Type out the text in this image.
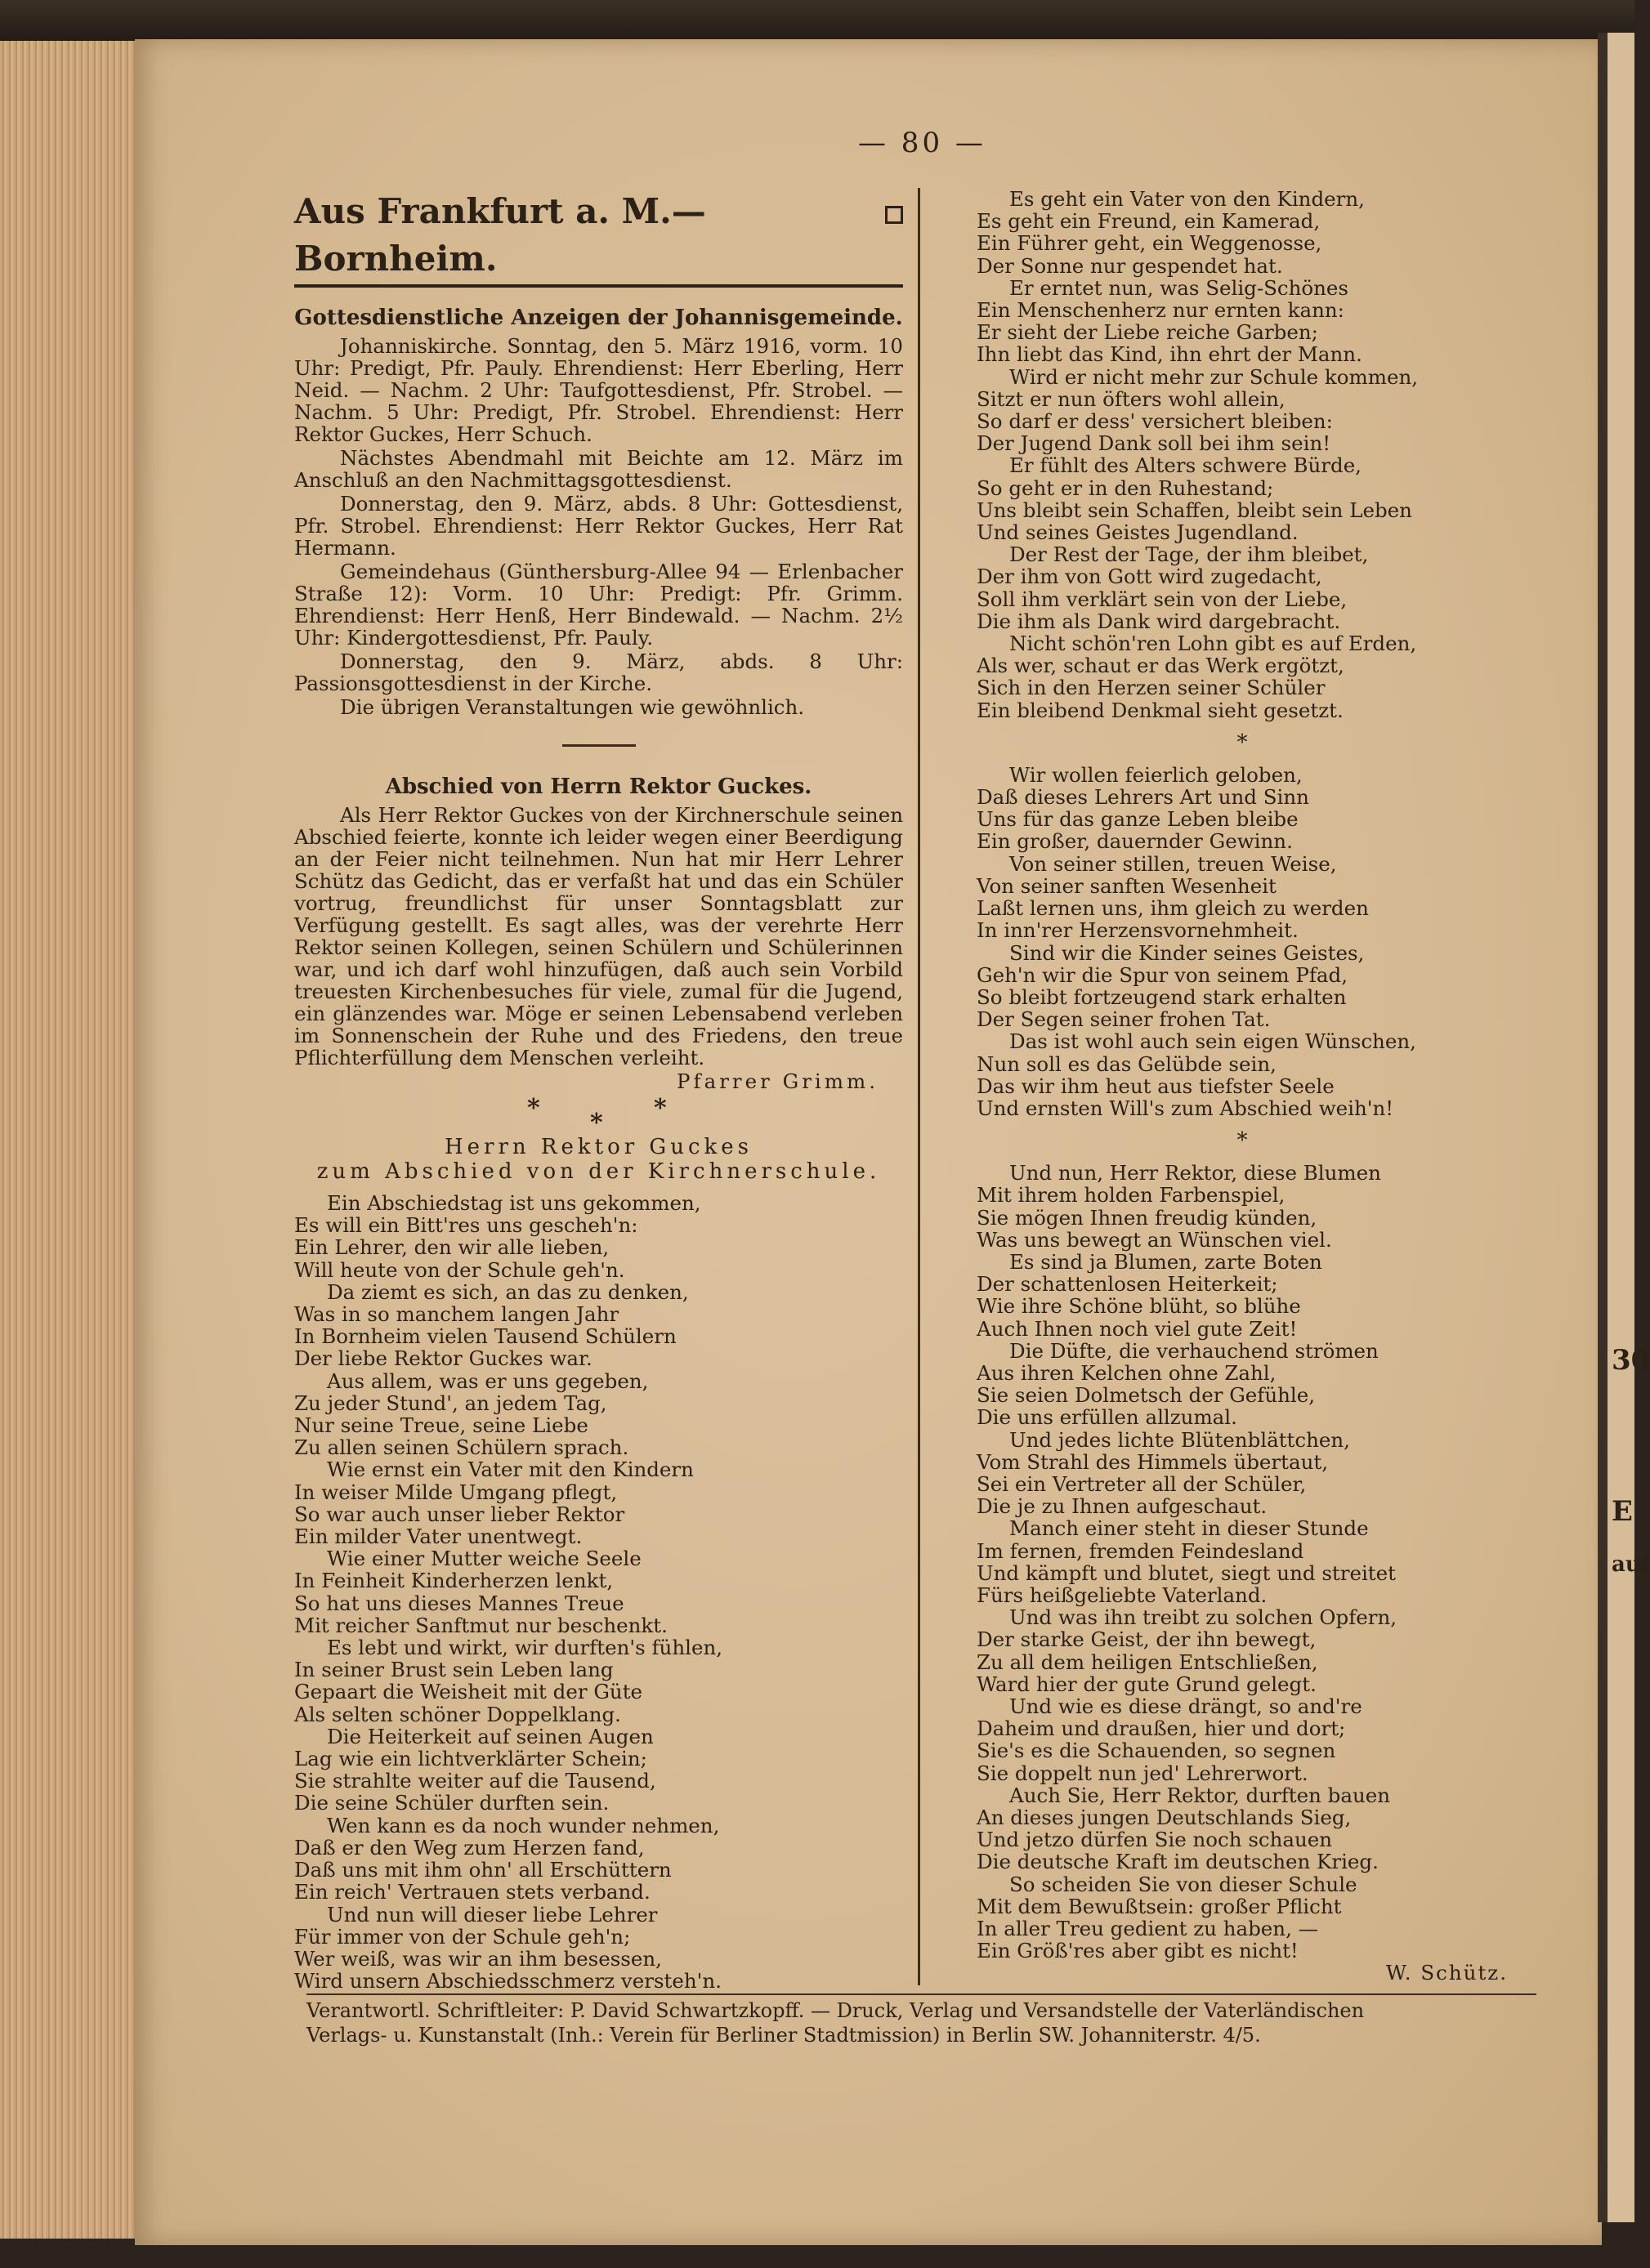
30
E
auf
— 80 —
Aus Frankfurt a. M.—Bornheim.
Gottesdienstliche Anzeigen der Johannisgemeinde.

Johanniskirche. Sonntag, den 5. März 1916, vorm. 10 Uhr: Predigt, Pfr. Pauly. Ehrendienst: Herr Eberling, Herr Neid. — Nachm. 2 Uhr: Taufgottesdienst, Pfr. Strobel. — Nachm. 5 Uhr: Predigt, Pfr. Strobel. Ehrendienst: Herr Rektor Guckes, Herr Schuch.

Nächstes Abendmahl mit Beichte am 12. März im Anschluß an den Nachmittagsgottesdienst.

Donnerstag, den 9. März, abds. 8 Uhr: Gottesdienst, Pfr. Strobel. Ehrendienst: Herr Rektor Guckes, Herr Rat Hermann.

Gemeindehaus (Günthersburg-Allee 94 — Erlenbacher Straße 12): Vorm. 10 Uhr: Predigt: Pfr. Grimm. Ehrendienst: Herr Henß, Herr Bindewald. — Nachm. 2½ Uhr: Kindergottesdienst, Pfr. Pauly.

Donnerstag, den 9. März, abds. 8 Uhr: Passionsgottesdienst in der Kirche.

Die übrigen Veranstaltungen wie gewöhnlich.

Abschied von Herrn Rektor Guckes.

Als Herr Rektor Guckes von der Kirchnerschule seinen Abschied feierte, konnte ich leider wegen einer Beerdigung an der Feier nicht teilnehmen. Nun hat mir Herr Lehrer Schütz das Gedicht, das er verfaßt hat und das ein Schüler vortrug, freundlichst für unser Sonntagsblatt zur Verfügung gestellt. Es sagt alles, was der verehrte Herr Rektor seinen Kollegen, seinen Schülern und Schülerinnen war, und ich darf wohl hinzufügen, daß auch sein Vorbild treuesten Kirchenbesuches für viele, zumal für die Jugend, ein glänzendes war. Möge er seinen Lebensabend verleben im Sonnenschein der Ruhe und des Friedens, den treue Pflichterfüllung dem Menschen verleiht.

Pfarrer Grimm.
*	*
*
Herrn Rektor Guckes
zum Abschied von der Kirchnerschule.
Ein Abschiedstag ist uns gekommen,
Es will ein Bitt'res uns gescheh'n:
Ein Lehrer, den wir alle lieben,
Will heute von der Schule geh'n.
Da ziemt es sich, an das zu denken,
Was in so manchem langen Jahr
In Bornheim vielen Tausend Schülern
Der liebe Rektor Guckes war.
Aus allem, was er uns gegeben,
Zu jeder Stund', an jedem Tag,
Nur seine Treue, seine Liebe
Zu allen seinen Schülern sprach.
Wie ernst ein Vater mit den Kindern
In weiser Milde Umgang pflegt,
So war auch unser lieber Rektor
Ein milder Vater unentwegt.
Wie einer Mutter weiche Seele
In Feinheit Kinderherzen lenkt,
So hat uns dieses Mannes Treue
Mit reicher Sanftmut nur beschenkt.
Es lebt und wirkt, wir durften's fühlen,
In seiner Brust sein Leben lang
Gepaart die Weisheit mit der Güte
Als selten schöner Doppelklang.
Die Heiterkeit auf seinen Augen
Lag wie ein lichtverklärter Schein;
Sie strahlte weiter auf die Tausend,
Die seine Schüler durften sein.
Wen kann es da noch wunder nehmen,
Daß er den Weg zum Herzen fand,
Daß uns mit ihm ohn' all Erschüttern
Ein reich' Vertrauen stets verband.
Und nun will dieser liebe Lehrer
Für immer von der Schule geh'n;
Wer weiß, was wir an ihm besessen,
Wird unsern Abschiedsschmerz versteh'n.
Es geht ein Vater von den Kindern,
Es geht ein Freund, ein Kamerad,
Ein Führer geht, ein Weggenosse,
Der Sonne nur gespendet hat.
Er erntet nun, was Selig-Schönes
Ein Menschenherz nur ernten kann:
Er sieht der Liebe reiche Garben;
Ihn liebt das Kind, ihn ehrt der Mann.
Wird er nicht mehr zur Schule kommen,
Sitzt er nun öfters wohl allein,
So darf er dess' versichert bleiben:
Der Jugend Dank soll bei ihm sein!
Er fühlt des Alters schwere Bürde,
So geht er in den Ruhestand;
Uns bleibt sein Schaffen, bleibt sein Leben
Und seines Geistes Jugendland.
Der Rest der Tage, der ihm bleibet,
Der ihm von Gott wird zugedacht,
Soll ihm verklärt sein von der Liebe,
Die ihm als Dank wird dargebracht.
Nicht schön'ren Lohn gibt es auf Erden,
Als wer, schaut er das Werk ergötzt,
Sich in den Herzen seiner Schüler
Ein bleibend Denkmal sieht gesetzt.
*
Wir wollen feierlich geloben,
Daß dieses Lehrers Art und Sinn
Uns für das ganze Leben bleibe
Ein großer, dauernder Gewinn.
Von seiner stillen, treuen Weise,
Von seiner sanften Wesenheit
Laßt lernen uns, ihm gleich zu werden
In inn'rer Herzensvornehmheit.
Sind wir die Kinder seines Geistes,
Geh'n wir die Spur von seinem Pfad,
So bleibt fortzeugend stark erhalten
Der Segen seiner frohen Tat.
Das ist wohl auch sein eigen Wünschen,
Nun soll es das Gelübde sein,
Das wir ihm heut aus tiefster Seele
Und ernsten Will's zum Abschied weih'n!
*
Und nun, Herr Rektor, diese Blumen
Mit ihrem holden Farbenspiel,
Sie mögen Ihnen freudig künden,
Was uns bewegt an Wünschen viel.
Es sind ja Blumen, zarte Boten
Der schattenlosen Heiterkeit;
Wie ihre Schöne blüht, so blühe
Auch Ihnen noch viel gute Zeit!
Die Düfte, die verhauchend strömen
Aus ihren Kelchen ohne Zahl,
Sie seien Dolmetsch der Gefühle,
Die uns erfüllen allzumal.
Und jedes lichte Blütenblättchen,
Vom Strahl des Himmels übertaut,
Sei ein Vertreter all der Schüler,
Die je zu Ihnen aufgeschaut.
Manch einer steht in dieser Stunde
Im fernen, fremden Feindesland
Und kämpft und blutet, siegt und streitet
Fürs heißgeliebte Vaterland.
Und was ihn treibt zu solchen Opfern,
Der starke Geist, der ihn bewegt,
Zu all dem heiligen Entschließen,
Ward hier der gute Grund gelegt.
Und wie es diese drängt, so and're
Daheim und draußen, hier und dort;
Sie's es die Schauenden, so segnen
Sie doppelt nun jed' Lehrerwort.
Auch Sie, Herr Rektor, durften bauen
An dieses jungen Deutschlands Sieg,
Und jetzo dürfen Sie noch schauen
Die deutsche Kraft im deutschen Krieg.
So scheiden Sie von dieser Schule
Mit dem Bewußtsein: großer Pflicht
In aller Treu gedient zu haben, —
Ein Größ'res aber gibt es nicht!
W. Schütz.
Verantwortl. Schriftleiter: P. David Schwartzkopff. — Druck, Verlag und Versandstelle der Vaterländischen
Verlags- u. Kunstanstalt (Inh.: Verein für Berliner Stadtmission) in Berlin SW. Johanniterstr. 4/5.
